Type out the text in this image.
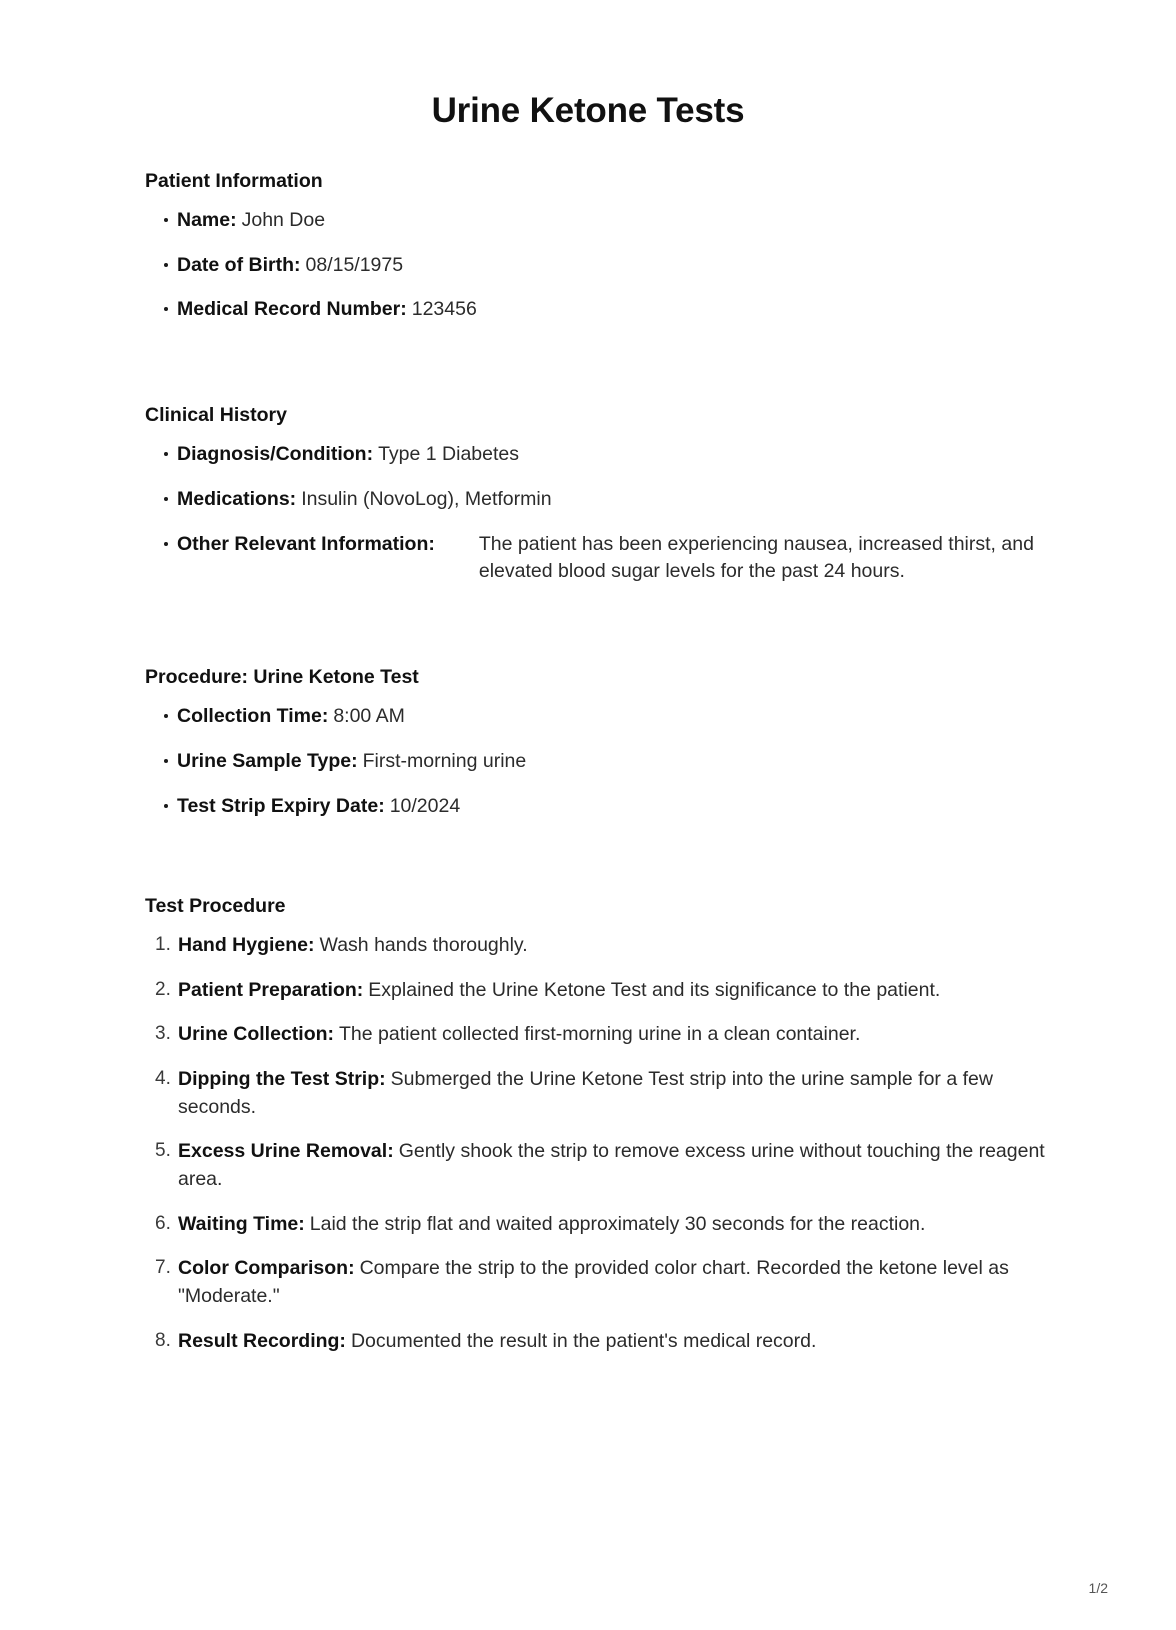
Urine Ketone Tests
Patient Information
Name: John Doe
Date of Birth: 08/15/1975
Medical Record Number: 123456
Clinical History
Diagnosis/Condition: Type 1 Diabetes
Medications: Insulin (NovoLog), Metformin
Other Relevant Information: The patient has been experiencing nausea, increased thirst, and elevated blood sugar levels for the past 24 hours.
Procedure: Urine Ketone Test
Collection Time: 8:00 AM
Urine Sample Type: First-morning urine
Test Strip Expiry Date: 10/2024
Test Procedure
Hand Hygiene: Wash hands thoroughly.
Patient Preparation: Explained the Urine Ketone Test and its significance to the patient.
Urine Collection: The patient collected first-morning urine in a clean container.
Dipping the Test Strip: Submerged the Urine Ketone Test strip into the urine sample for a few seconds.
Excess Urine Removal: Gently shook the strip to remove excess urine without touching the reagent area.
Waiting Time: Laid the strip flat and waited approximately 30 seconds for the reaction.
Color Comparison: Compare the strip to the provided color chart. Recorded the ketone level as "Moderate."
Result Recording: Documented the result in the patient's medical record.
1/2
